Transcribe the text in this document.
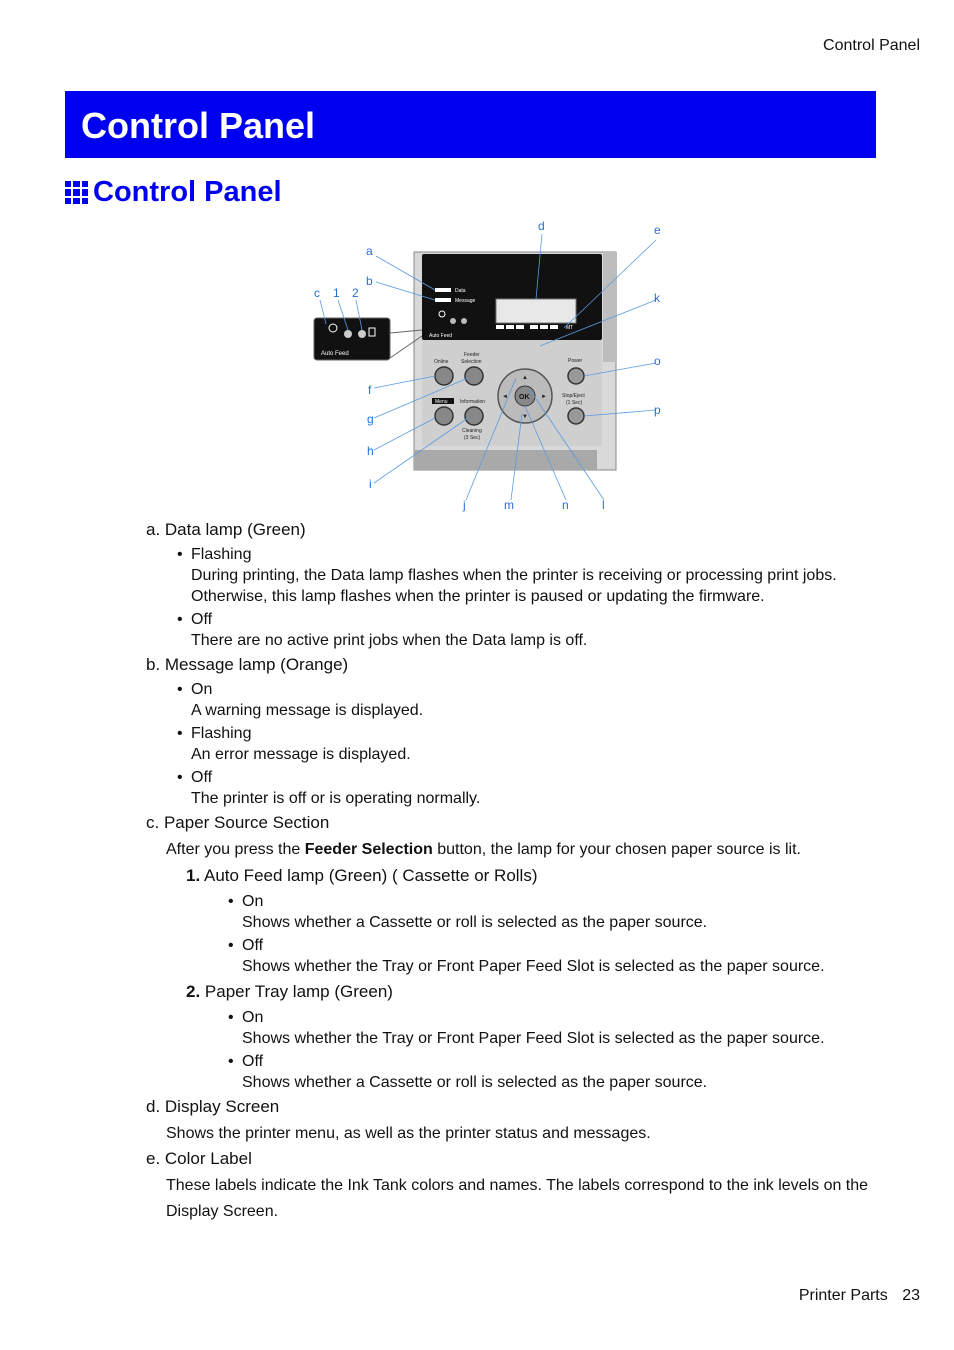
Control Panel
Control Panel
Control Panel
Data
Message
MT
Auto Feed
Auto Feed
Online
Feeder
Selection
Menu Information
Cleaning
(3 Sec)
OK
▲
▼
◄	►
Power
Stop/Eject
(1 Sec)
a
b
c 1 2
d	e
k
o
p
f
g
h
i
j	m	n	l

a. Data lamp (Green)

• Flashing
During printing, the Data lamp flashes when the printer is receiving or processing print jobs. Otherwise, this lamp flashes when the printer is paused or updating the firmware.
• Off
There are no active print jobs when the Data lamp is off.

b. Message lamp (Orange)

• On
A warning message is displayed.
• Flashing
An error message is displayed.
• Off
The printer is off or is operating normally.

c. Paper Source Section

After you press the Feeder Selection button, the lamp for your chosen paper source is lit.

1. Auto Feed lamp (Green) ( Cassette or Rolls)
• On
Shows whether a Cassette or roll is selected as the paper source.
• Off
Shows whether the Tray or Front Paper Feed Slot is selected as the paper source.
2. Paper Tray lamp (Green)
• On
Shows whether the Tray or Front Paper Feed Slot is selected as the paper source.
• Off
Shows whether a Cassette or roll is selected as the paper source.

d. Display Screen

Shows the printer menu, as well as the printer status and messages.

e. Color Label

These labels indicate the Ink Tank colors and names. The labels correspond to the ink levels on the Display Screen.

Printer Parts 23
